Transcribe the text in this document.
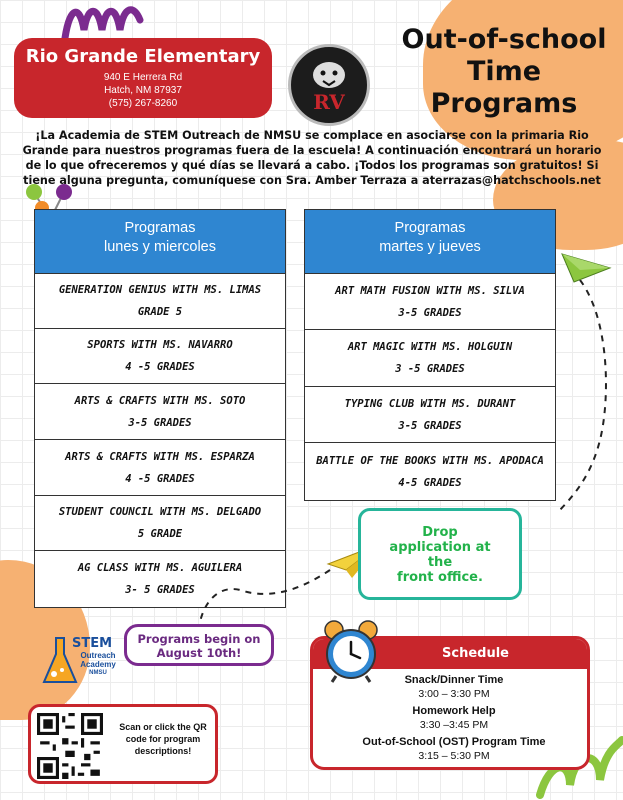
Rio Grande Elementary
940 E Herrera Rd
Hatch, NM 87937
(575) 267-8260	RV
Out-of-school
Time
Programs
¡La Academia de STEM Outreach de NMSU se complace en asociarse con la primaria Rio Grande para nuestros programas fuera de la escuela! A continuación encontrará un horario de lo que ofreceremos y qué días se llevará a cabo. ¡Todos los programas son gratuitos! Si tiene alguna pregunta, comuníquese con Sra. Amber Terraza a aterrazas@hatchschools.net
Programas
lunes y miercoles
GENERATION GENIUS WITH MS. LIMAS
GRADE 5
SPORTS WITH MS. NAVARRO
4 -5 GRADES
ARTS & CRAFTS WITH MS. SOTO
3-5 GRADES
ARTS & CRAFTS WITH MS. ESPARZA
4 -5 GRADES
STUDENT COUNCIL WITH MS. DELGADO
5 GRADE
AG CLASS WITH MS. AGUILERA
3- 5 GRADES
Programas
martes y jueves
ART MATH FUSION WITH MS. SILVA
3-5 GRADES
ART MAGIC WITH MS. HOLGUIN
3 -5 GRADES
TYPING CLUB WITH MS. DURANT
3-5 GRADES
BATTLE OF THE BOOKS WITH MS. APODACA
4-5 GRADES
Drop
application at
the
front office.
Programs begin on
August 10th!
STEM
Outreach
Academy
NMSU
Scan or click the QR code for program descriptions!
Schedule
Snack/Dinner Time
3:00 – 3:30 PM
Homework Help
3:30 –3:45 PM
Out-of-School (OST) Program Time
3:15 – 5:30 PM
